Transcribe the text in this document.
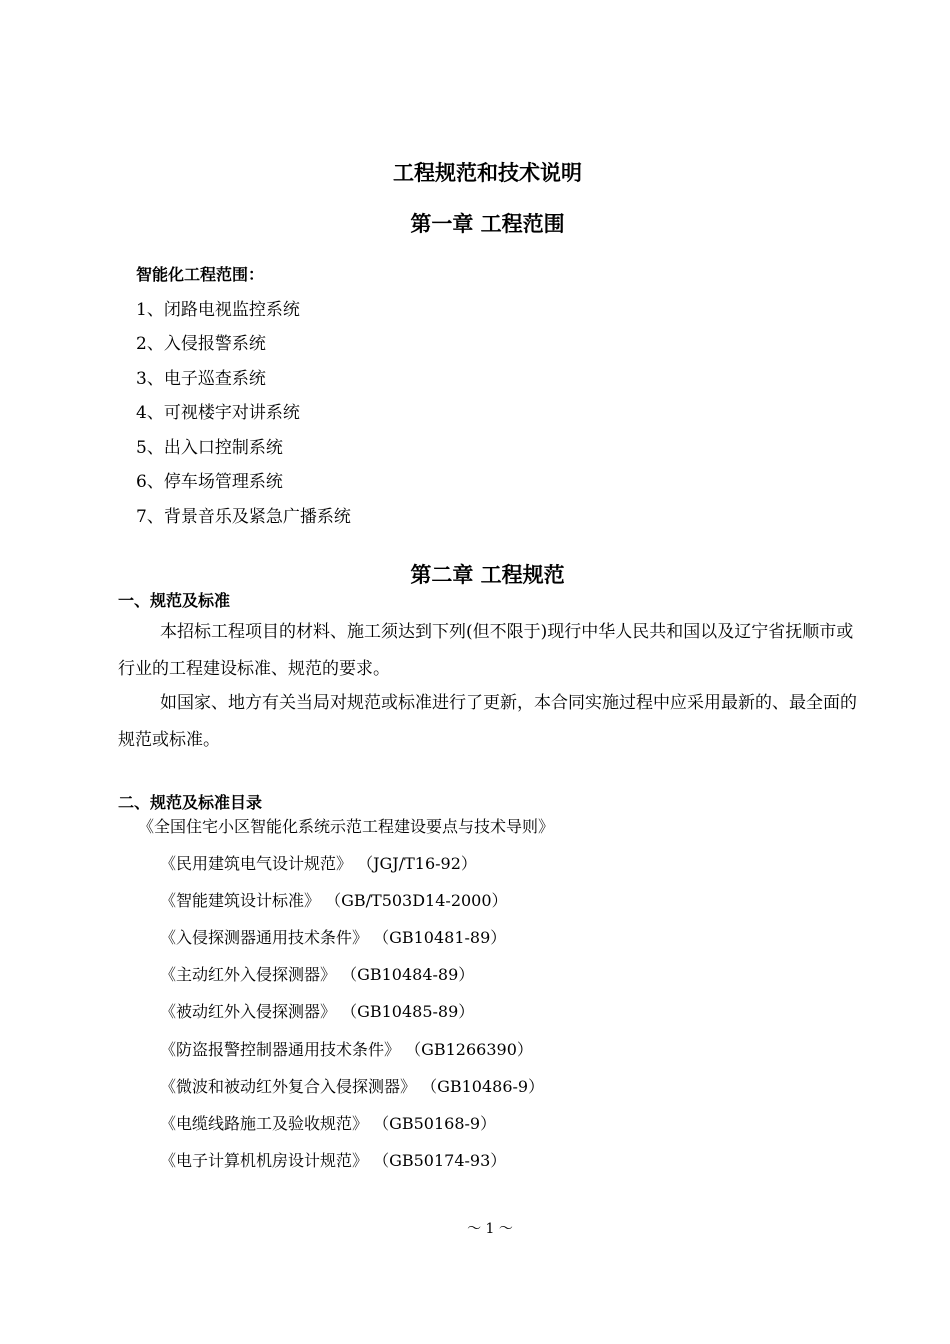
工程规范和技术说明
第一章 工程范围
智能化工程范围：
1、闭路电视监控系统
2、入侵报警系统
3、电子巡查系统
4、可视楼宇对讲系统
5、出入口控制系统
6、停车场管理系统
7、背景音乐及紧急广播系统
第二章 工程规范
一、规范及标准
本招标工程项目的材料、施工须达到下列(但不限于)现行中华人民共和国以及辽宁省抚顺市或行业的工程建设标准、规范的要求。
如国家、地方有关当局对规范或标准进行了更新，本合同实施过程中应采用最新的、最全面的规范或标准。
二、规范及标准目录
《全国住宅小区智能化系统示范工程建设要点与技术导则》
《民用建筑电气设计规范》 （JGJ/T16-92）
《智能建筑设计标准》 （GB/T503D14-2000）
《入侵探测器通用技术条件》 （GB10481-89）
《主动红外入侵探测器》 （GB10484-89）
《被动红外入侵探测器》 （GB10485-89）
《防盗报警控制器通用技术条件》 （GB1266390）
《微波和被动红外复合入侵探测器》 （GB10486-9）
《电缆线路施工及验收规范》 （GB50168-9）
《电子计算机机房设计规范》 （GB50174-93）
～ 1 ～
